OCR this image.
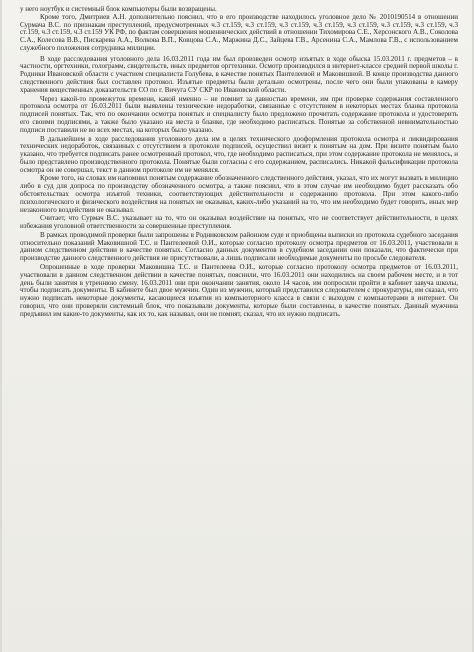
у него ноутбук и системный блок компьютеры были возвращены.

Кроме того, Дмитриев А.Н. дополнительно пояснил, что в его производстве находилось уголовное дело № 2010190514 в отношении Сурмача В.С. по признакам преступлений, предусмотренных ч.3 ст.159, ч.3 ст.159, ч.3 ст.159, ч.3 ст.159, ч.3 ст.159, ч.3 ст.159, ч.3 ст.159, ч.3 ст.159, ч.3 ст.159, ч.3 ст.159 УК РФ, по фактам совершения мошеннических действий в отношении Тихомирова С.Е., Херсонского А.В., Соколова С.А., Колесова В.В., Пискарева А.А., Волкова В.П., Ковцова С.А., Маржина Д.С., Зайцева Г.В., Арсенина С.А., Мамлова Г.В., с использованием служебного положения сотрудника милиции.

В ходе расследования уголовного дела 16.03.2011 года им был произведен осмотр изъятых в ходе обыска 15.03.2011 г. предметов – в частности, оргтехники, голограмм, свидетельств, иных предметов оргтехники. Осмотр производился в интернет-классе средней первой школы г. Родники Ивановской области с участием специалиста Голубева, в качестве понятых Пантелеевой и Маковишной. В конце производства данного следственного действия был составлен протокол. Изъятые предметы были детально осмотрены, после чего они были упакованы в камеру хранения вещественных доказательств СО по г. Вичуга СУ СКР по Ивановской области.

Через какой-то промежуток времени, какой именно – не помнит за давностью времени, им при проверке содержания составленного протокола осмотра от 16.03.2011 были выявлены технические недоработки, связанные с отсутствием в некоторых местах бланка протокола подписей понятых. Так, что по окончании осмотра понятых и специалисту было предложено прочитать содержание протокола и удостоверить его своими подписями, а также было указано на места в бланке, где необходимо расписаться. Понятые за собственной невнимательностью подписи поставили не во всех местах, на которых было указано.

В дальнейшем в ходе расследования уголовного дела им в целях технического дооформления протокола осмотра и ликвидирования технических недоработок, связанных с отсутствием в протоколе подписей, осуществил визит к понятым на дом. При визите понятым было указано, что требуется подписать ранее осмотренный протокол, что, где необходимо расписаться, при этом содержание протокола не менялось, и было представлено производственного протокола. Понятые были согласны с его содержанием, расписались. Никакой фальсификации протокола осмотра он не совершал, текст в данном протоколе им не менялся.

Кроме того, на словах им напомнил понятым содержание обозначенного следственного действия, указал, что их могут вызвать в милицию либо в суд для допроса по производству обозначенного осмотра, а также пояснил, что в этом случае им необходимо будет рассказать обо обстоятельствах осмотра изъятой техники, соответствующих действительности и содержанию протокола. При этом какого-либо психологического и физического воздействия на понятых не оказывал, каких-либо указаний на то, что им необходимо будет говорить, иных мер незаконного воздействия не оказывал.

Считает, что Сурмач В.С. указывает на то, что он оказывал воздействие на понятых, что не соответствует действительности, в целях избежания уголовной ответственности за совершенные преступления.

В рамках проводимой проверки были запрошены в Родниковском районном суде и приобщены выписки из протокола судебного заседания относительно показаний Маковишной Т.С. и Пантелеевой О.И., которые согласно протоколу осмотра предметов от 16.03.2011, участвовали в данном следственном действии в качестве понятых. Согласно данных документов в судебном заседании они показали, что фактически при производстве данного следственного действия не присутствовали, а лишь подписали необходимые документы по просьбе следователя.

Опрошенные в ходе проверки Маковишна Т.С. и Пантелеева О.И., которые согласно протоколу осмотра предметов от 16.03.2011, участвовали в данном следственном действии в качестве понятых, пояснили, что 16.03.2011 они находились на своем рабочем месте, и в тот день были занятия в утреннюю смену. 16.03.2011 они при окончании занятия, около 14 часов, им попросили пройти в кабинет завуча школы, чтобы подписать документы. В кабинете был двое мужчин. Один из мужчин, который представился следователем с прокуратуры, им сказал, что нужно подписать некоторые документы, касающиеся изъятия из компьютерного класса в связи с выходом с компьютерами в интернет. Он говорил, что они проверяли системный блок, что показывали документы, которые были составлены, в качестве понятых. Данный мужчина предъявил им какие-то документы, как их то, как называл, они не помнят, сказал, что их нужно подписать.
